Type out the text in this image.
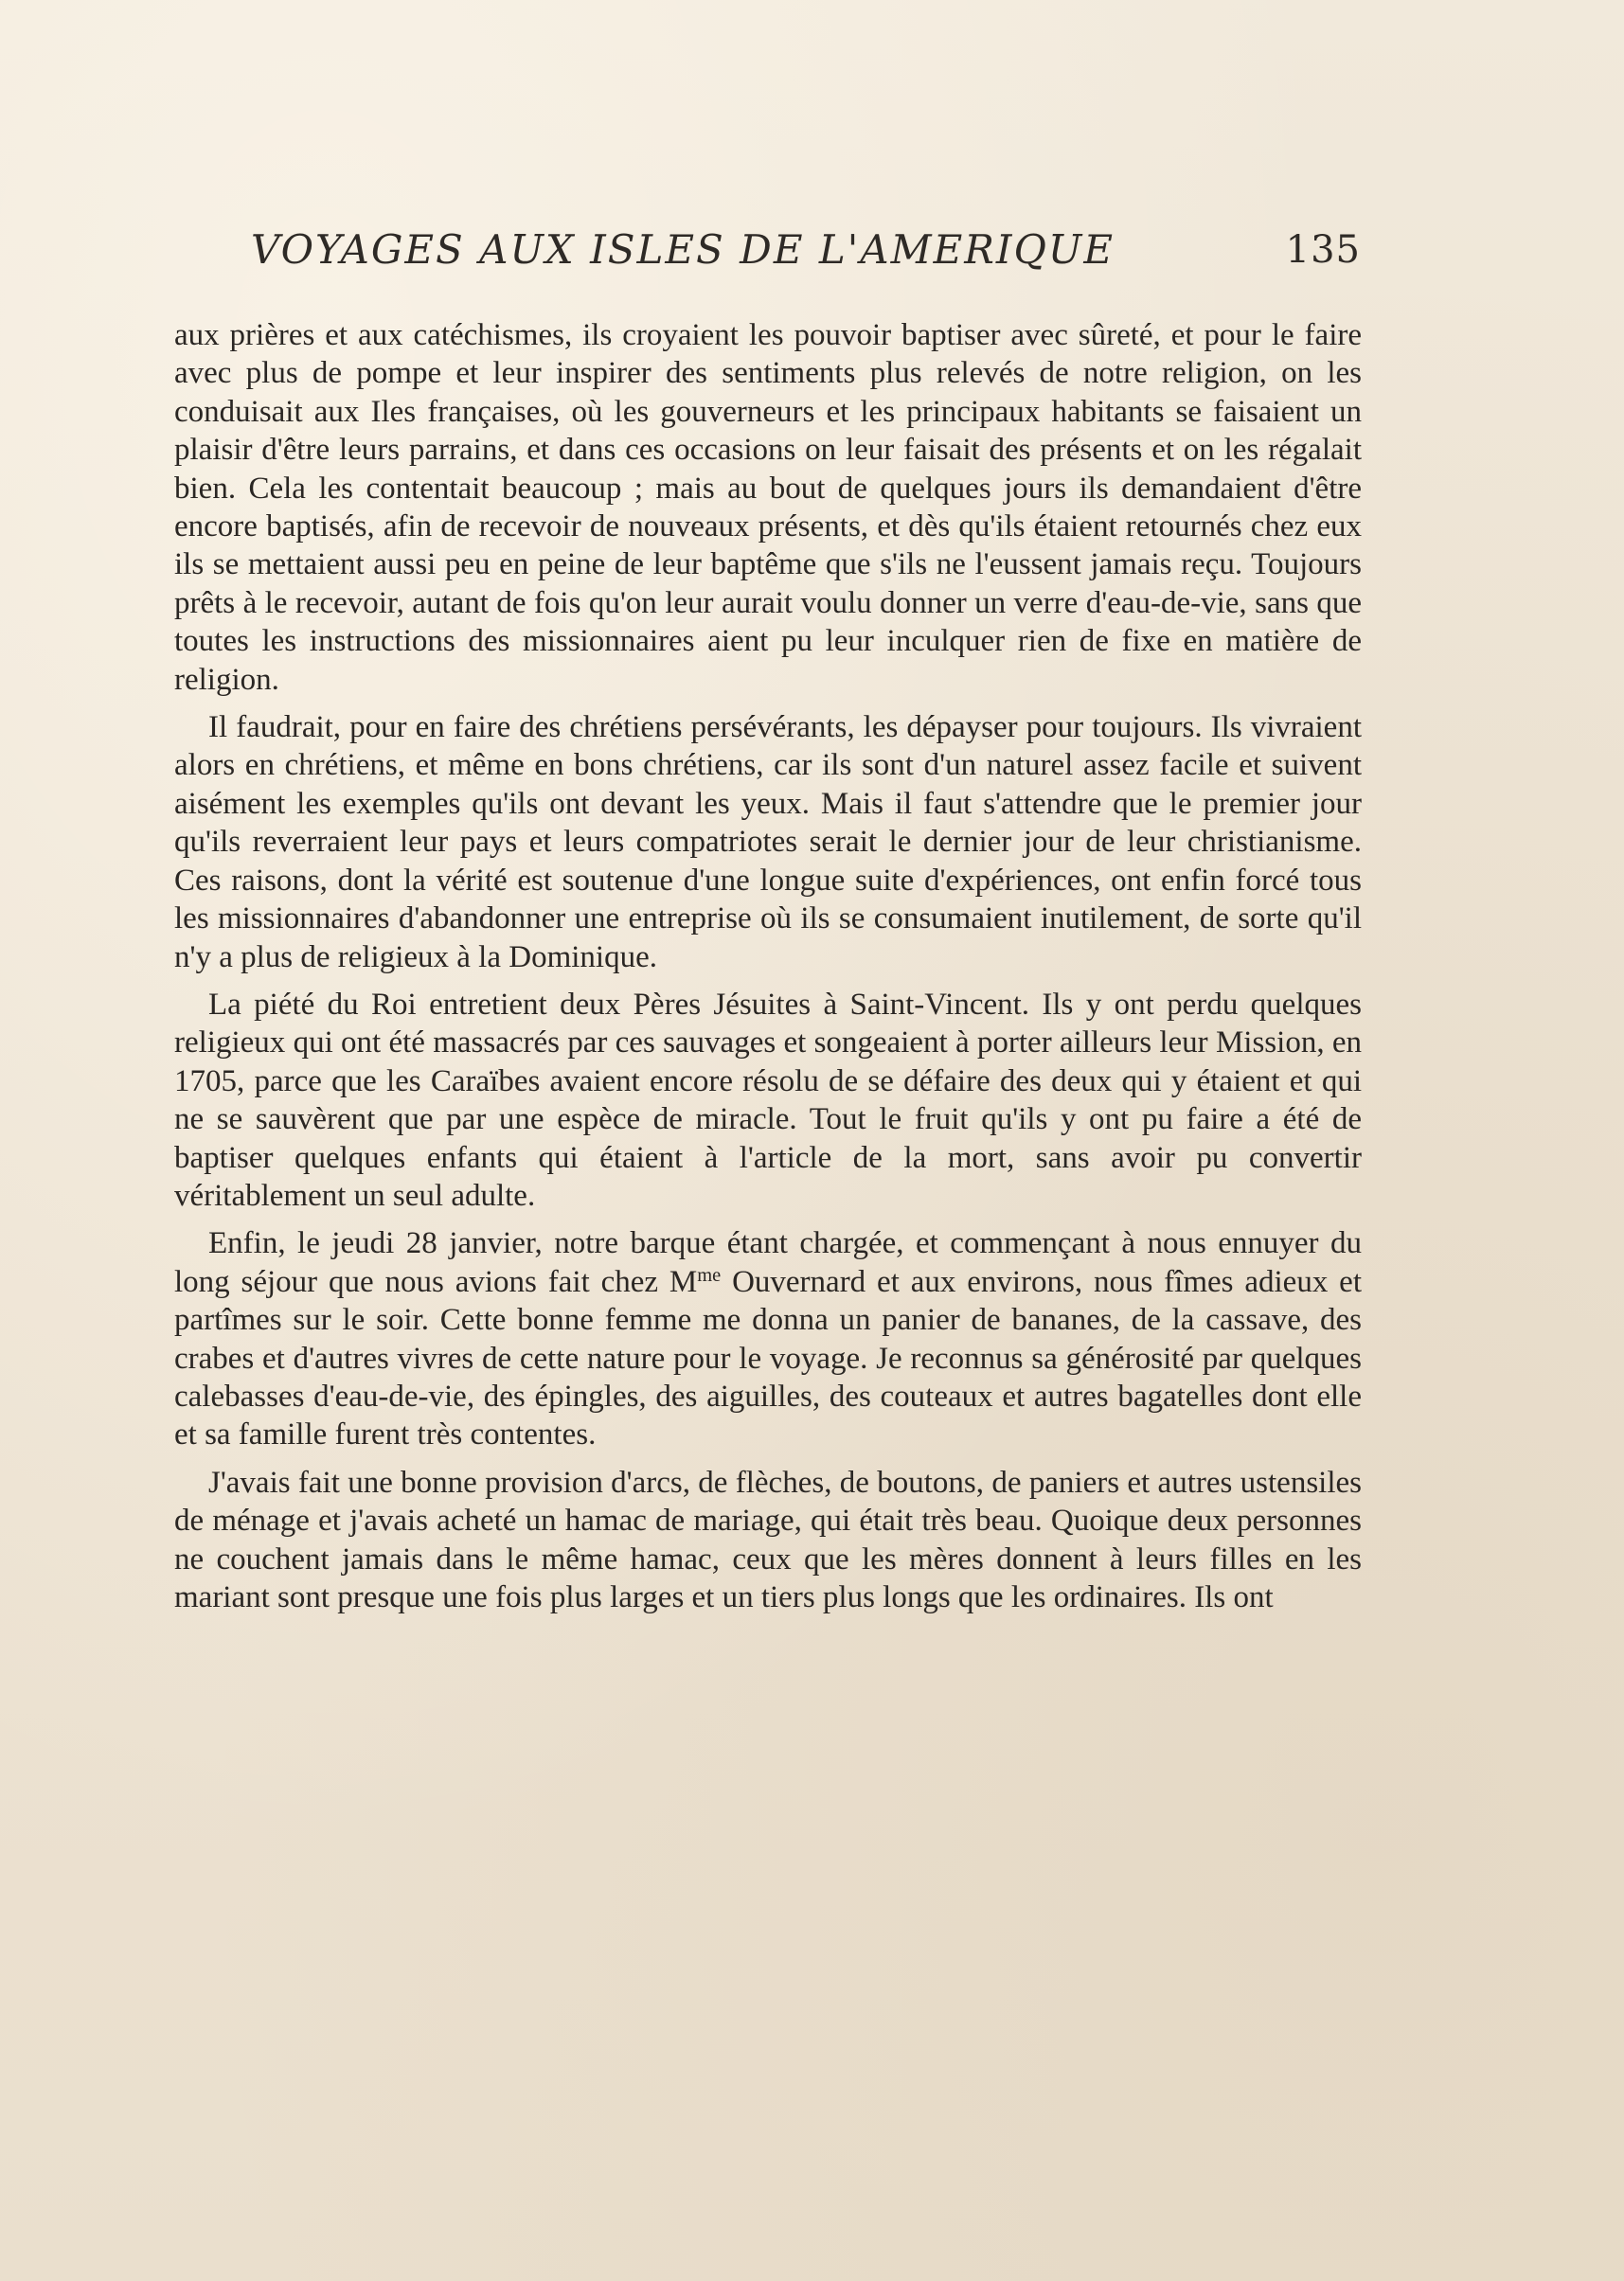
VOYAGES AUX ISLES DE L'AMERIQUE	135

aux prières et aux catéchismes, ils croyaient les pouvoir baptiser avec sûreté, et pour le faire avec plus de pompe et leur inspirer des sentiments plus relevés de notre religion, on les conduisait aux Iles françaises, où les gouverneurs et les principaux habitants se faisaient un plaisir d'être leurs parrains, et dans ces occasions on leur faisait des présents et on les régalait bien. Cela les contentait beaucoup ; mais au bout de quelques jours ils demandaient d'être encore baptisés, afin de recevoir de nouveaux présents, et dès qu'ils étaient retournés chez eux ils se mettaient aussi peu en peine de leur baptême que s'ils ne l'eussent jamais reçu. Toujours prêts à le recevoir, autant de fois qu'on leur aurait voulu donner un verre d'eau-de-vie, sans que toutes les instructions des missionnaires aient pu leur inculquer rien de fixe en matière de religion.

Il faudrait, pour en faire des chrétiens persévérants, les dépayser pour toujours. Ils vivraient alors en chrétiens, et même en bons chrétiens, car ils sont d'un naturel assez facile et suivent aisément les exemples qu'ils ont devant les yeux. Mais il faut s'attendre que le premier jour qu'ils reverraient leur pays et leurs compatriotes serait le dernier jour de leur christianisme. Ces raisons, dont la vérité est soutenue d'une longue suite d'expériences, ont enfin forcé tous les missionnaires d'abandonner une entreprise où ils se consumaient inutilement, de sorte qu'il n'y a plus de religieux à la Dominique.

La piété du Roi entretient deux Pères Jésuites à Saint-Vincent. Ils y ont perdu quelques religieux qui ont été massacrés par ces sauvages et songeaient à porter ailleurs leur Mission, en 1705, parce que les Caraïbes avaient encore résolu de se défaire des deux qui y étaient et qui ne se sauvèrent que par une espèce de miracle. Tout le fruit qu'ils y ont pu faire a été de baptiser quelques enfants qui étaient à l'article de la mort, sans avoir pu convertir véritablement un seul adulte.

Enfin, le jeudi 28 janvier, notre barque étant chargée, et commençant à nous ennuyer du long séjour que nous avions fait chez $M^{me}$ Ouvernard et aux environs, nous fîmes adieux et partîmes sur le soir. Cette bonne femme me donna un panier de bananes, de la cassave, des crabes et d'autres vivres de cette nature pour le voyage. Je reconnus sa générosité par quelques calebasses d'eau-de-vie, des épingles, des aiguilles, des couteaux et autres bagatelles dont elle et sa famille furent très contentes.

J'avais fait une bonne provision d'arcs, de flèches, de boutons, de paniers et autres ustensiles de ménage et j'avais acheté un hamac de mariage, qui était très beau. Quoique deux personnes ne couchent jamais dans le même hamac, ceux que les mères donnent à leurs filles en les mariant sont presque une fois plus larges et un tiers plus longs que les ordinaires. Ils ont
